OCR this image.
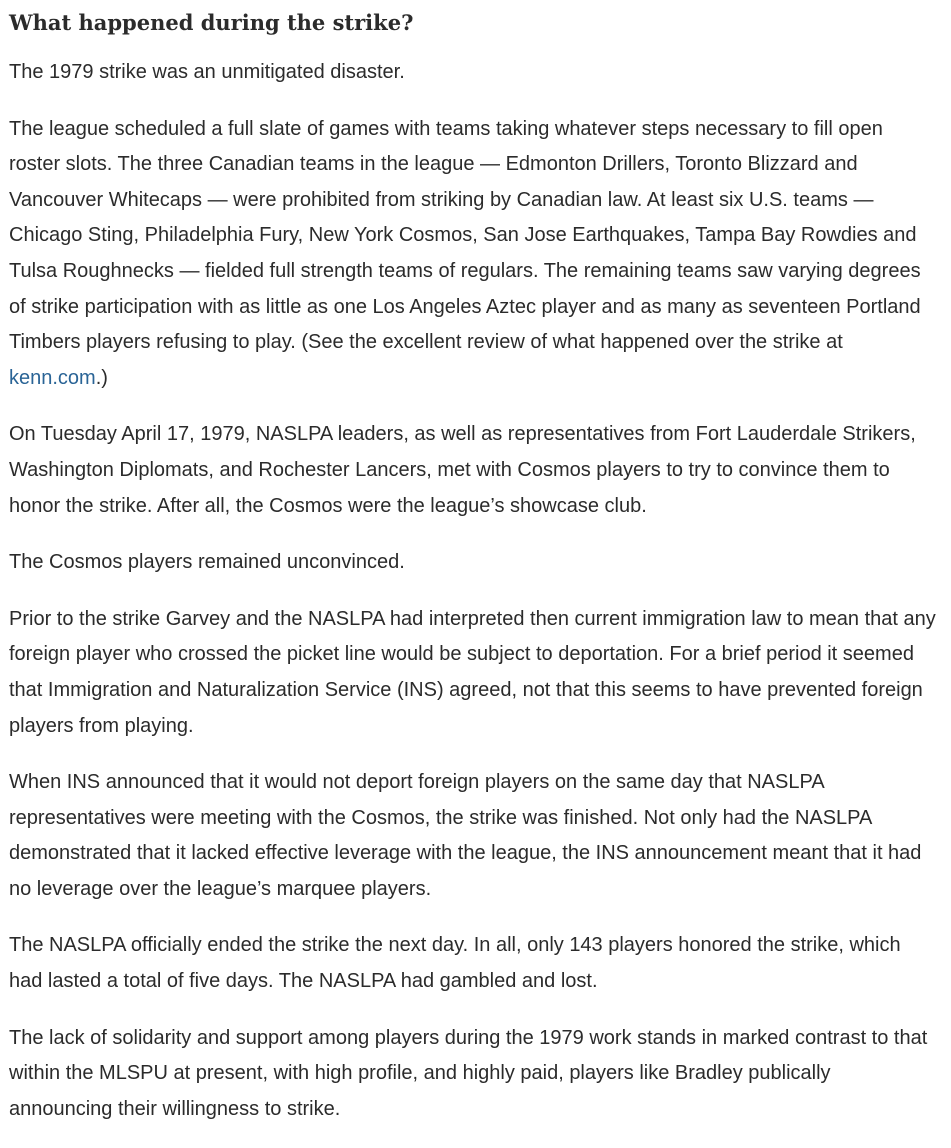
What happened during the strike?

The 1979 strike was an unmitigated disaster.

The league scheduled a full slate of games with teams taking whatever steps necessary to fill open roster slots. The three Canadian teams in the league — Edmonton Drillers, Toronto Blizzard and Vancouver Whitecaps — were prohibited from striking by Canadian law. At least six U.S. teams — Chicago Sting, Philadelphia Fury, New York Cosmos, San Jose Earthquakes, Tampa Bay Rowdies and Tulsa Roughnecks — fielded full strength teams of regulars. The remaining teams saw varying degrees of strike participation with as little as one Los Angeles Aztec player and as many as seventeen Portland Timbers players refusing to play. (See the excellent review of what happened over the strike at kenn.com.)

On Tuesday April 17, 1979, NASLPA leaders, as well as representatives from Fort Lauderdale Strikers, Washington Diplomats, and Rochester Lancers, met with Cosmos players to try to convince them to honor the strike. After all, the Cosmos were the league’s showcase club.

The Cosmos players remained unconvinced.

Prior to the strike Garvey and the NASLPA had interpreted then current immigration law to mean that any foreign player who crossed the picket line would be subject to deportation. For a brief period it seemed that Immigration and Naturalization Service (INS) agreed, not that this seems to have prevented foreign players from playing.

When INS announced that it would not deport foreign players on the same day that NASLPA representatives were meeting with the Cosmos, the strike was finished. Not only had the NASLPA demonstrated that it lacked effective leverage with the league, the INS announcement meant that it had no leverage over the league’s marquee players.

The NASLPA officially ended the strike the next day. In all, only 143 players honored the strike, which had lasted a total of five days. The NASLPA had gambled and lost.

The lack of solidarity and support among players during the 1979 work stands in marked contrast to that within the MLSPU at present, with high profile, and highly paid, players like Bradley publically announcing their willingness to strike.
